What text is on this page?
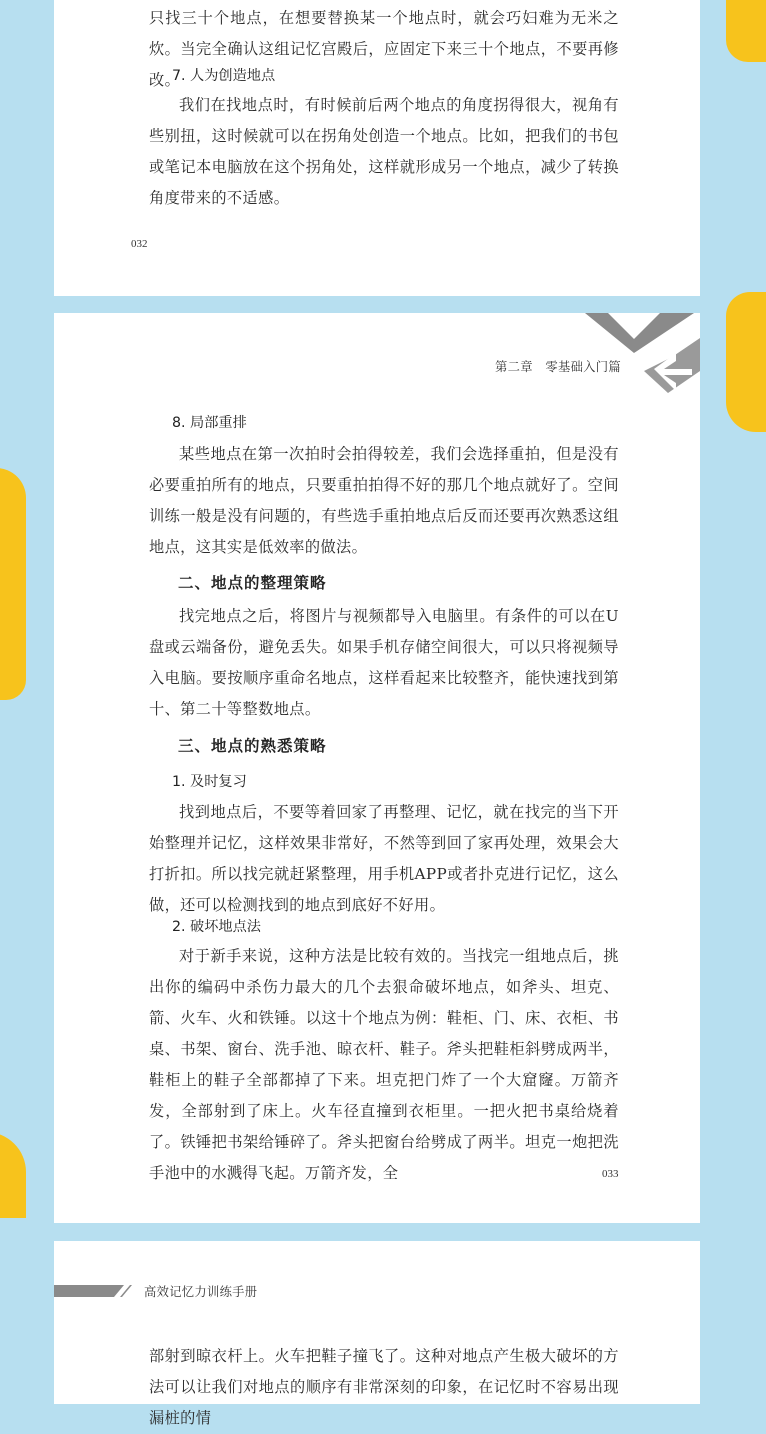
只找三十个地点，在想要替换某一个地点时，就会巧妇难为无米之炊。当完全确认这组记忆宫殿后，应固定下来三十个地点，不要再修改。

7. 人为创造地点

我们在找地点时，有时候前后两个地点的角度拐得很大，视角有些别扭，这时候就可以在拐角处创造一个地点。比如，把我们的书包或笔记本电脑放在这个拐角处，这样就形成另一个地点，减少了转换角度带来的不适感。

032

第二章　零基础入门篇

8. 局部重排

某些地点在第一次拍时会拍得较差，我们会选择重拍，但是没有必要重拍所有的地点，只要重拍拍得不好的那几个地点就好了。空间训练一般是没有问题的，有些选手重拍地点后反而还要再次熟悉这组地点，这其实是低效率的做法。

二、地点的整理策略

找完地点之后，将图片与视频都导入电脑里。有条件的可以在U盘或云端备份，避免丢失。如果手机存储空间很大，可以只将视频导入电脑。要按顺序重命名地点，这样看起来比较整齐，能快速找到第十、第二十等整数地点。

三、地点的熟悉策略

1. 及时复习

找到地点后，不要等着回家了再整理、记忆，就在找完的当下开始整理并记忆，这样效果非常好，不然等到回了家再处理，效果会大打折扣。所以找完就赶紧整理，用手机APP或者扑克进行记忆，这么做，还可以检测找到的地点到底好不好用。

2. 破坏地点法

对于新手来说，这种方法是比较有效的。当找完一组地点后，挑出你的编码中杀伤力最大的几个去狠命破坏地点，如斧头、坦克、箭、火车、火和铁锤。以这十个地点为例：鞋柜、门、床、衣柜、书桌、书架、窗台、洗手池、晾衣杆、鞋子。斧头把鞋柜斜劈成两半，鞋柜上的鞋子全部都掉了下来。坦克把门炸了一个大窟窿。万箭齐发，全部射到了床上。火车径直撞到衣柜里。一把火把书桌给烧着了。铁锤把书架给锤碎了。斧头把窗台给劈成了两半。坦克一炮把洗手池中的水溅得飞起。万箭齐发，全	033

高效记忆力训练手册

部射到晾衣杆上。火车把鞋子撞飞了。这种对地点产生极大破坏的方法可以让我们对地点的顺序有非常深刻的印象，在记忆时不容易出现漏桩的情
